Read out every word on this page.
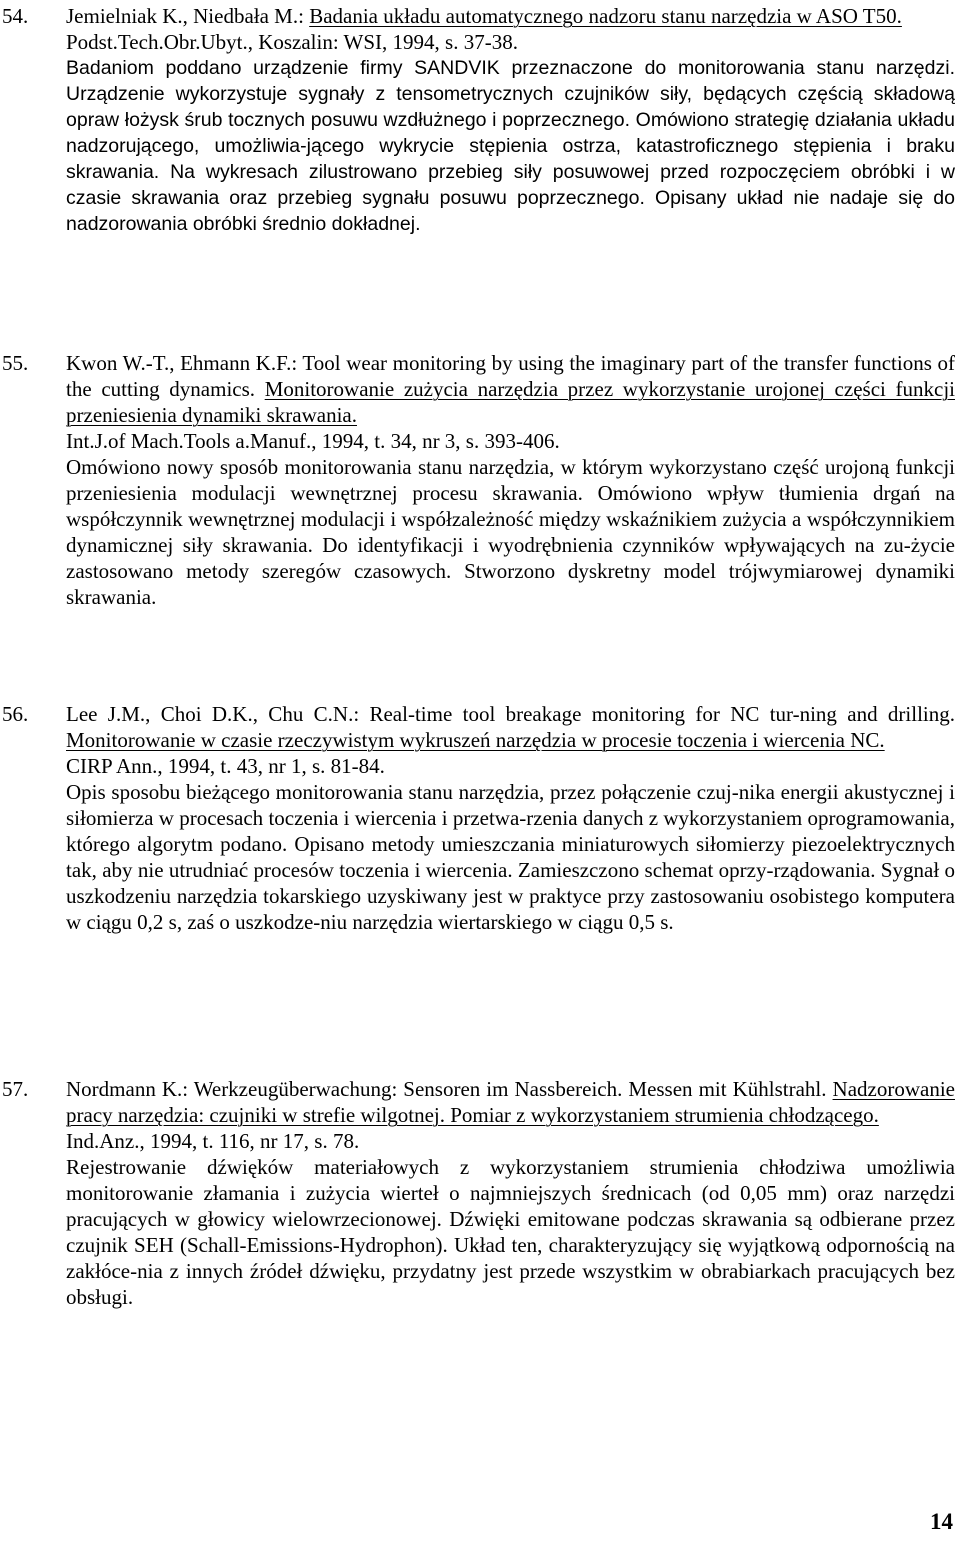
54. Jemielniak K., Niedbała M.: Badania układu automatycznego nadzoru stanu narzędzia w ASO T50.
Podst.Tech.Obr.Ubyt., Koszalin: WSI, 1994, s. 37-38.
Badaniom poddano urządzenie firmy SANDVIK przeznaczone do monitorowania stanu narzędzi. Urządzenie wykorzystuje sygnały z tensometrycznych czujników siły, będących częścią składową opraw łożysk śrub tocznych posuwu wzdłużnego i poprzecznego. Omówiono strategię działania układu nadzorującego, umożliwia-jącego wykrycie stępienia ostrza, katastroficznego stępienia i braku skrawania. Na wykresach zilustrowano przebieg siły posuwowej przed rozpoczęciem obróbki i w czasie skrawania oraz przebieg sygnału posuwu poprzecznego. Opisany układ nie nadaje się do nadzorowania obróbki średnio dokładnej.
55. Kwon W.-T., Ehmann K.F.: Tool wear monitoring by using the imaginary part of the transfer functions of the cutting dynamics. Monitorowanie zużycia narzędzia przez wykorzystanie urojonej części funkcji przeniesienia dynamiki skrawania.
Int.J.of Mach.Tools a.Manuf., 1994, t. 34, nr 3, s. 393-406.
Omówiono nowy sposób monitorowania stanu narzędzia, w którym wykorzystano część urojoną funkcji przeniesienia modulacji wewnętrznej procesu skrawania. Omówiono wpływ tłumienia drgań na współczynnik wewnętrznej modulacji i współzależność między wskaźnikiem zużycia a współczynnikiem dynamicznej siły skrawania. Do identyfikacji i wyodrębnienia czynników wpływających na zu-życie zastosowano metody szeregów czasowych. Stworzono dyskretny model trójwymiarowej dynamiki skrawania.
56. Lee J.M., Choi D.K., Chu C.N.: Real-time tool breakage monitoring for NC tur-ning and drilling. Monitorowanie w czasie rzeczywistym wykruszeń narzędzia w procesie toczenia i wiercenia NC.
CIRP Ann., 1994, t. 43, nr 1, s. 81-84.
Opis sposobu bieżącego monitorowania stanu narzędzia, przez połączenie czuj-nika energii akustycznej i siłomierza w procesach toczenia i wiercenia i przetwa-rzenia danych z wykorzystaniem oprogramowania, którego algorytm podano. Opisano metody umieszczania miniaturowych siłomierzy piezoelektrycznych tak, aby nie utrudniać procesów toczenia i wiercenia. Zamieszczono schemat oprzy-rządowania. Sygnał o uszkodzeniu narzędzia tokarskiego uzyskiwany jest w praktyce przy zastosowaniu osobistego komputera w ciągu 0,2 s, zaś o uszkodze-niu narzędzia wiertarskiego w ciągu 0,5 s.
57. Nordmann K.: Werkzeugüberwachung: Sensoren im Nassbereich. Messen mit Kühlstrahl. Nadzorowanie pracy narzędzia: czujniki w strefie wilgotnej. Pomiar z wykorzystaniem strumienia chłodzącego.
Ind.Anz., 1994, t. 116, nr 17, s. 78.
Rejestrowanie dźwięków materiałowych z wykorzystaniem strumienia chłodziwa umożliwia monitorowanie złamania i zużycia wierteł o najmniejszych średnicach (od 0,05 mm) oraz narzędzi pracujących w głowicy wielowrzecionowej. Dźwięki emitowane podczas skrawania są odbierane przez czujnik SEH (Schall-Emissions-Hydrophon). Układ ten, charakteryzujący się wyjątkową odpornością na zakłóce-nia z innych źródeł dźwięku, przydatny jest przede wszystkim w obrabiarkach pracujących bez obsługi.
14
